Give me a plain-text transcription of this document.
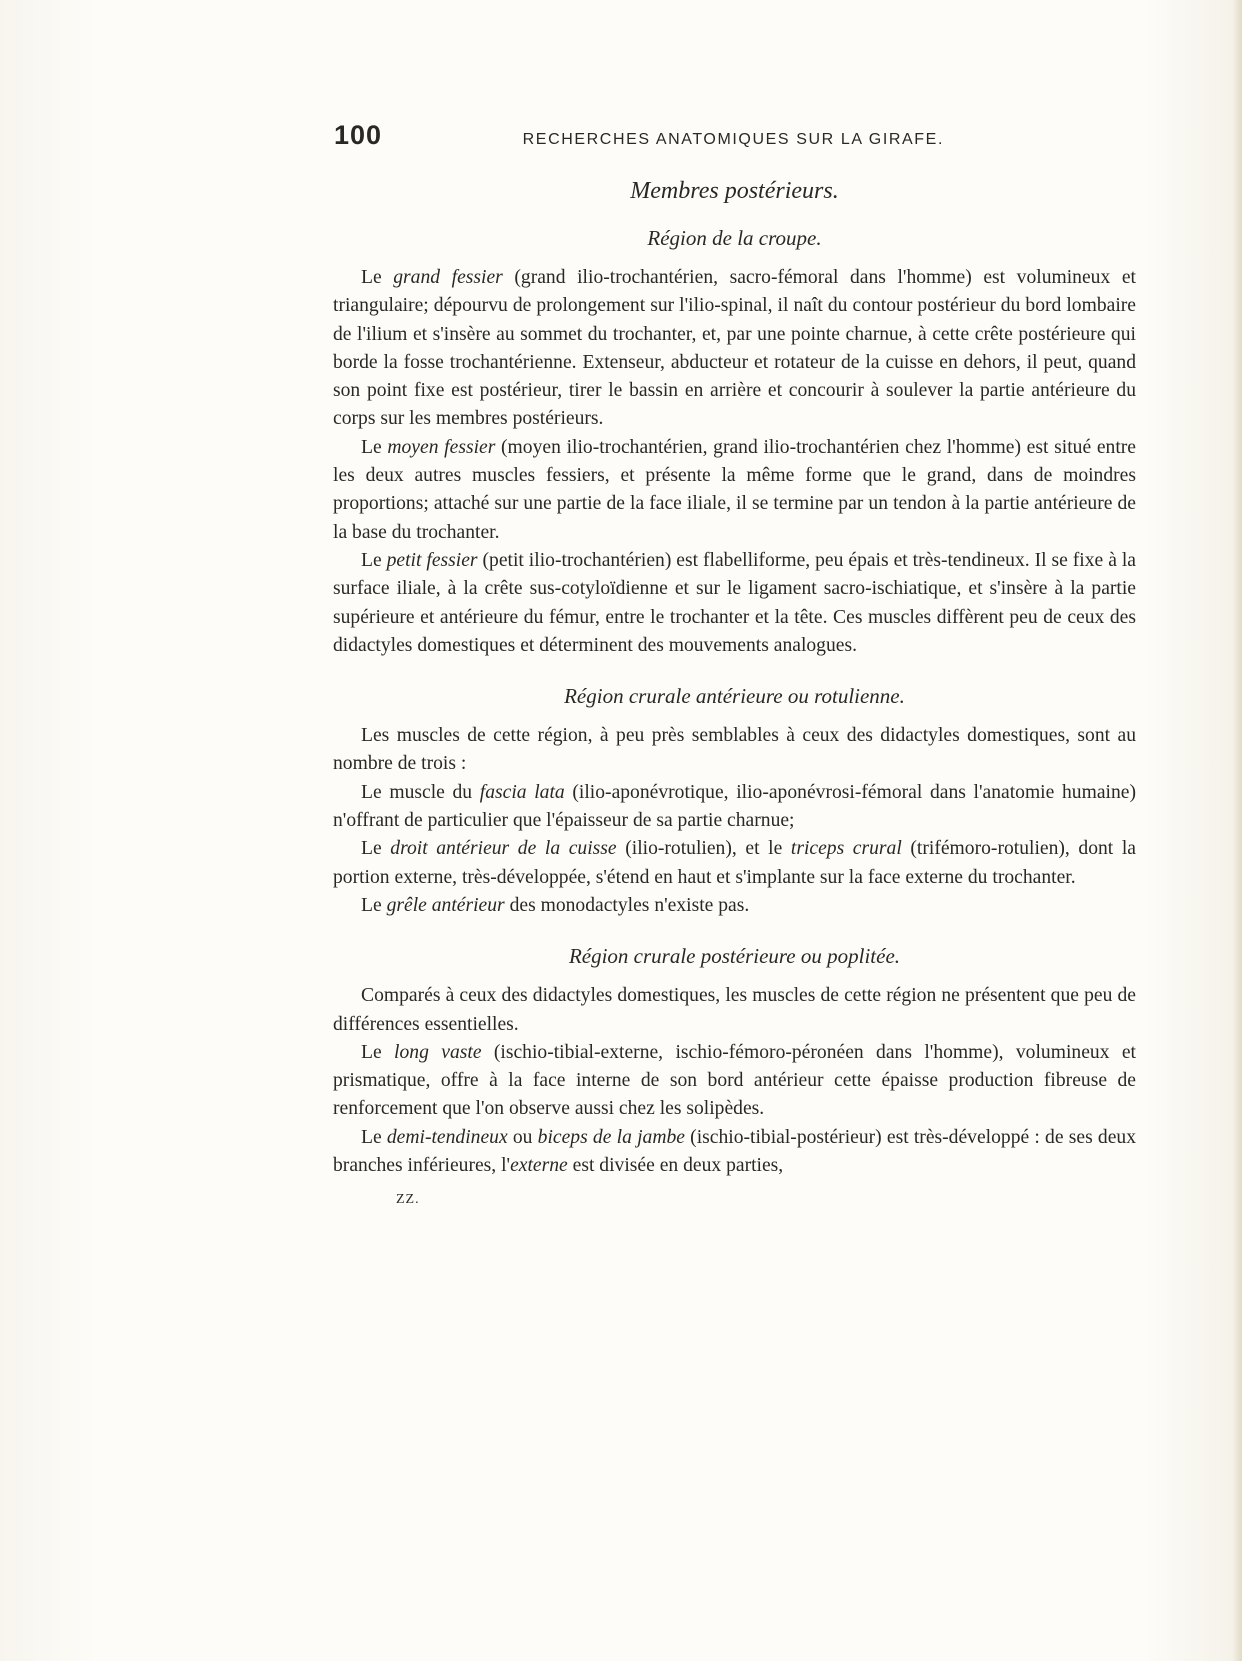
100	RECHERCHES ANATOMIQUES SUR LA GIRAFE.
Membres postérieurs.
Région de la croupe.

Le grand fessier (grand ilio-trochantérien, sacro-fémoral dans l'homme) est volumineux et triangulaire; dépourvu de prolongement sur l'ilio-spinal, il naît du contour postérieur du bord lombaire de l'ilium et s'insère au sommet du trochanter, et, par une pointe charnue, à cette crête postérieure qui borde la fosse trochantérienne. Extenseur, abducteur et rotateur de la cuisse en dehors, il peut, quand son point fixe est postérieur, tirer le bassin en arrière et concourir à soulever la partie antérieure du corps sur les membres postérieurs.

Le moyen fessier (moyen ilio-trochantérien, grand ilio-trochantérien chez l'homme) est situé entre les deux autres muscles fessiers, et présente la même forme que le grand, dans de moindres proportions; attaché sur une partie de la face iliale, il se termine par un tendon à la partie antérieure de la base du trochanter.

Le petit fessier (petit ilio-trochantérien) est flabelliforme, peu épais et très-tendineux. Il se fixe à la surface iliale, à la crête sus-cotyloïdienne et sur le ligament sacro-ischiatique, et s'insère à la partie supérieure et antérieure du fémur, entre le trochanter et la tête. Ces muscles diffèrent peu de ceux des didactyles domestiques et déterminent des mouvements analogues.

Région crurale antérieure ou rotulienne.

Les muscles de cette région, à peu près semblables à ceux des didactyles domestiques, sont au nombre de trois :

Le muscle du fascia lata (ilio-aponévrotique, ilio-aponévrosi-fémoral dans l'anatomie humaine) n'offrant de particulier que l'épaisseur de sa partie charnue;

Le droit antérieur de la cuisse (ilio-rotulien), et le triceps crural (trifémoro-rotulien), dont la portion externe, très-développée, s'étend en haut et s'implante sur la face externe du trochanter.

Le grêle antérieur des monodactyles n'existe pas.

Région crurale postérieure ou poplitée.

Comparés à ceux des didactyles domestiques, les muscles de cette région ne présentent que peu de différences essentielles.

Le long vaste (ischio-tibial-externe, ischio-fémoro-péronéen dans l'homme), volumineux et prismatique, offre à la face interne de son bord antérieur cette épaisse production fibreuse de renforcement que l'on observe aussi chez les solipèdes.

Le demi-tendineux ou biceps de la jambe (ischio-tibial-postérieur) est très-développé : de ses deux branches inférieures, l'externe est divisée en deux parties,

ZZ.
